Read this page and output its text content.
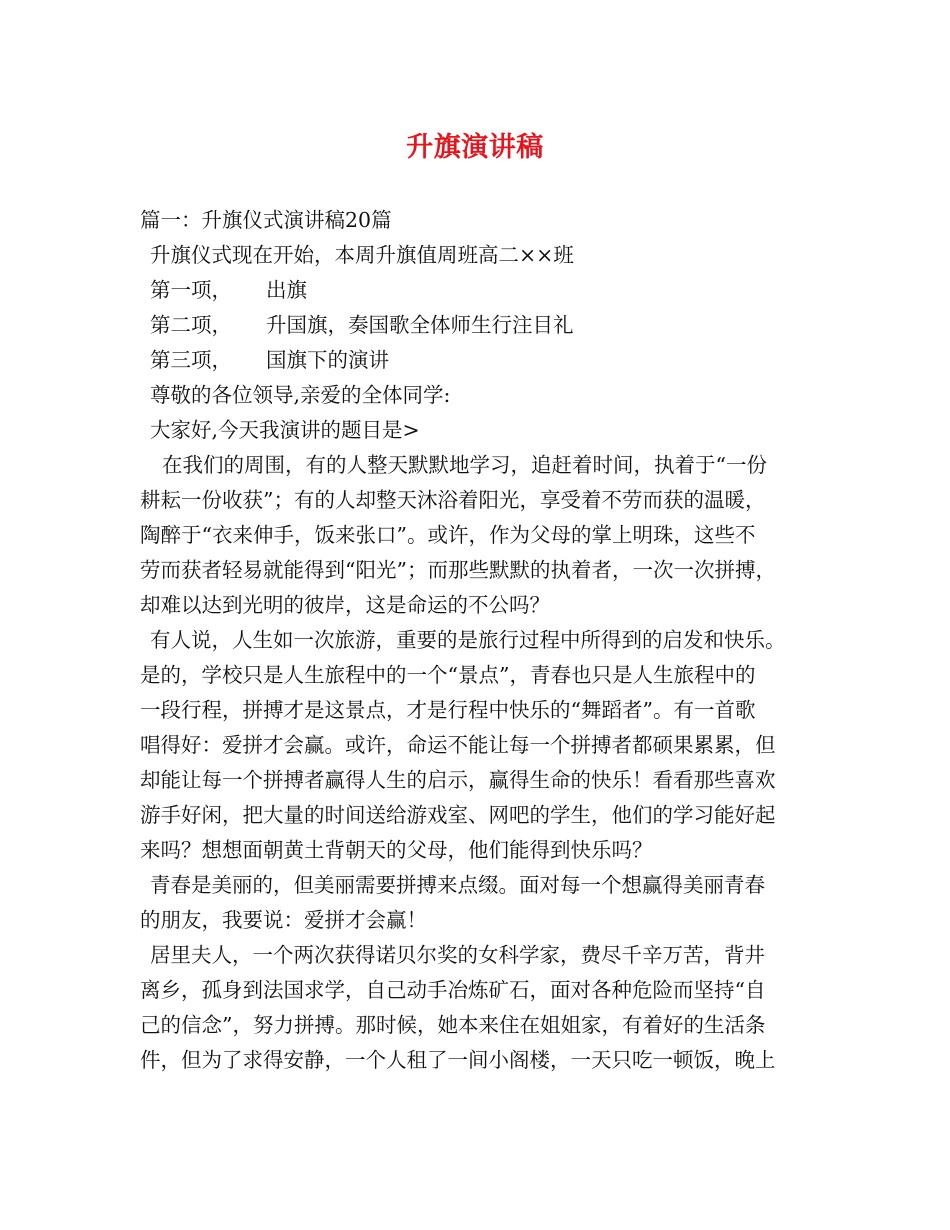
升旗演讲稿
篇一：升旗仪式演讲稿20篇
升旗仪式现在开始，本周升旗值周班高二××班
第一项， 出旗
第二项， 升国旗，奏国歌全体师生行注目礼
第三项， 国旗下的演讲
尊敬的各位领导,亲爱的全体同学:
大家好,今天我演讲的题目是>
在我们的周围，有的人整天默默地学习，追赶着时间，执着于“一份
耕耘一份收获”；有的人却整天沐浴着阳光，享受着不劳而获的温暖，
陶醉于“衣来伸手，饭来张口”。或许，作为父母的掌上明珠，这些不
劳而获者轻易就能得到“阳光”；而那些默默的执着者，一次一次拼搏，
却难以达到光明的彼岸，这是命运的不公吗？
有人说，人生如一次旅游，重要的是旅行过程中所得到的启发和快乐。
是的，学校只是人生旅程中的一个“景点”，青春也只是人生旅程中的
一段行程，拼搏才是这景点，才是行程中快乐的“舞蹈者”。有一首歌
唱得好：爱拼才会赢。或许，命运不能让每一个拼搏者都硕果累累，但
却能让每一个拼搏者赢得人生的启示，赢得生命的快乐！看看那些喜欢
游手好闲，把大量的时间送给游戏室、网吧的学生，他们的学习能好起
来吗？想想面朝黄土背朝天的父母，他们能得到快乐吗？
青春是美丽的，但美丽需要拼搏来点缀。面对每一个想赢得美丽青春
的朋友，我要说：爱拼才会赢！
居里夫人，一个两次获得诺贝尔奖的女科学家，费尽千辛万苦，背井
离乡，孤身到法国求学，自己动手冶炼矿石，面对各种危险而坚持“自
己的信念”，努力拼搏。那时候，她本来住在姐姐家，有着好的生活条
件，但为了求得安静，一个人租了一间小阁楼，一天只吃一顿饭，晚上
